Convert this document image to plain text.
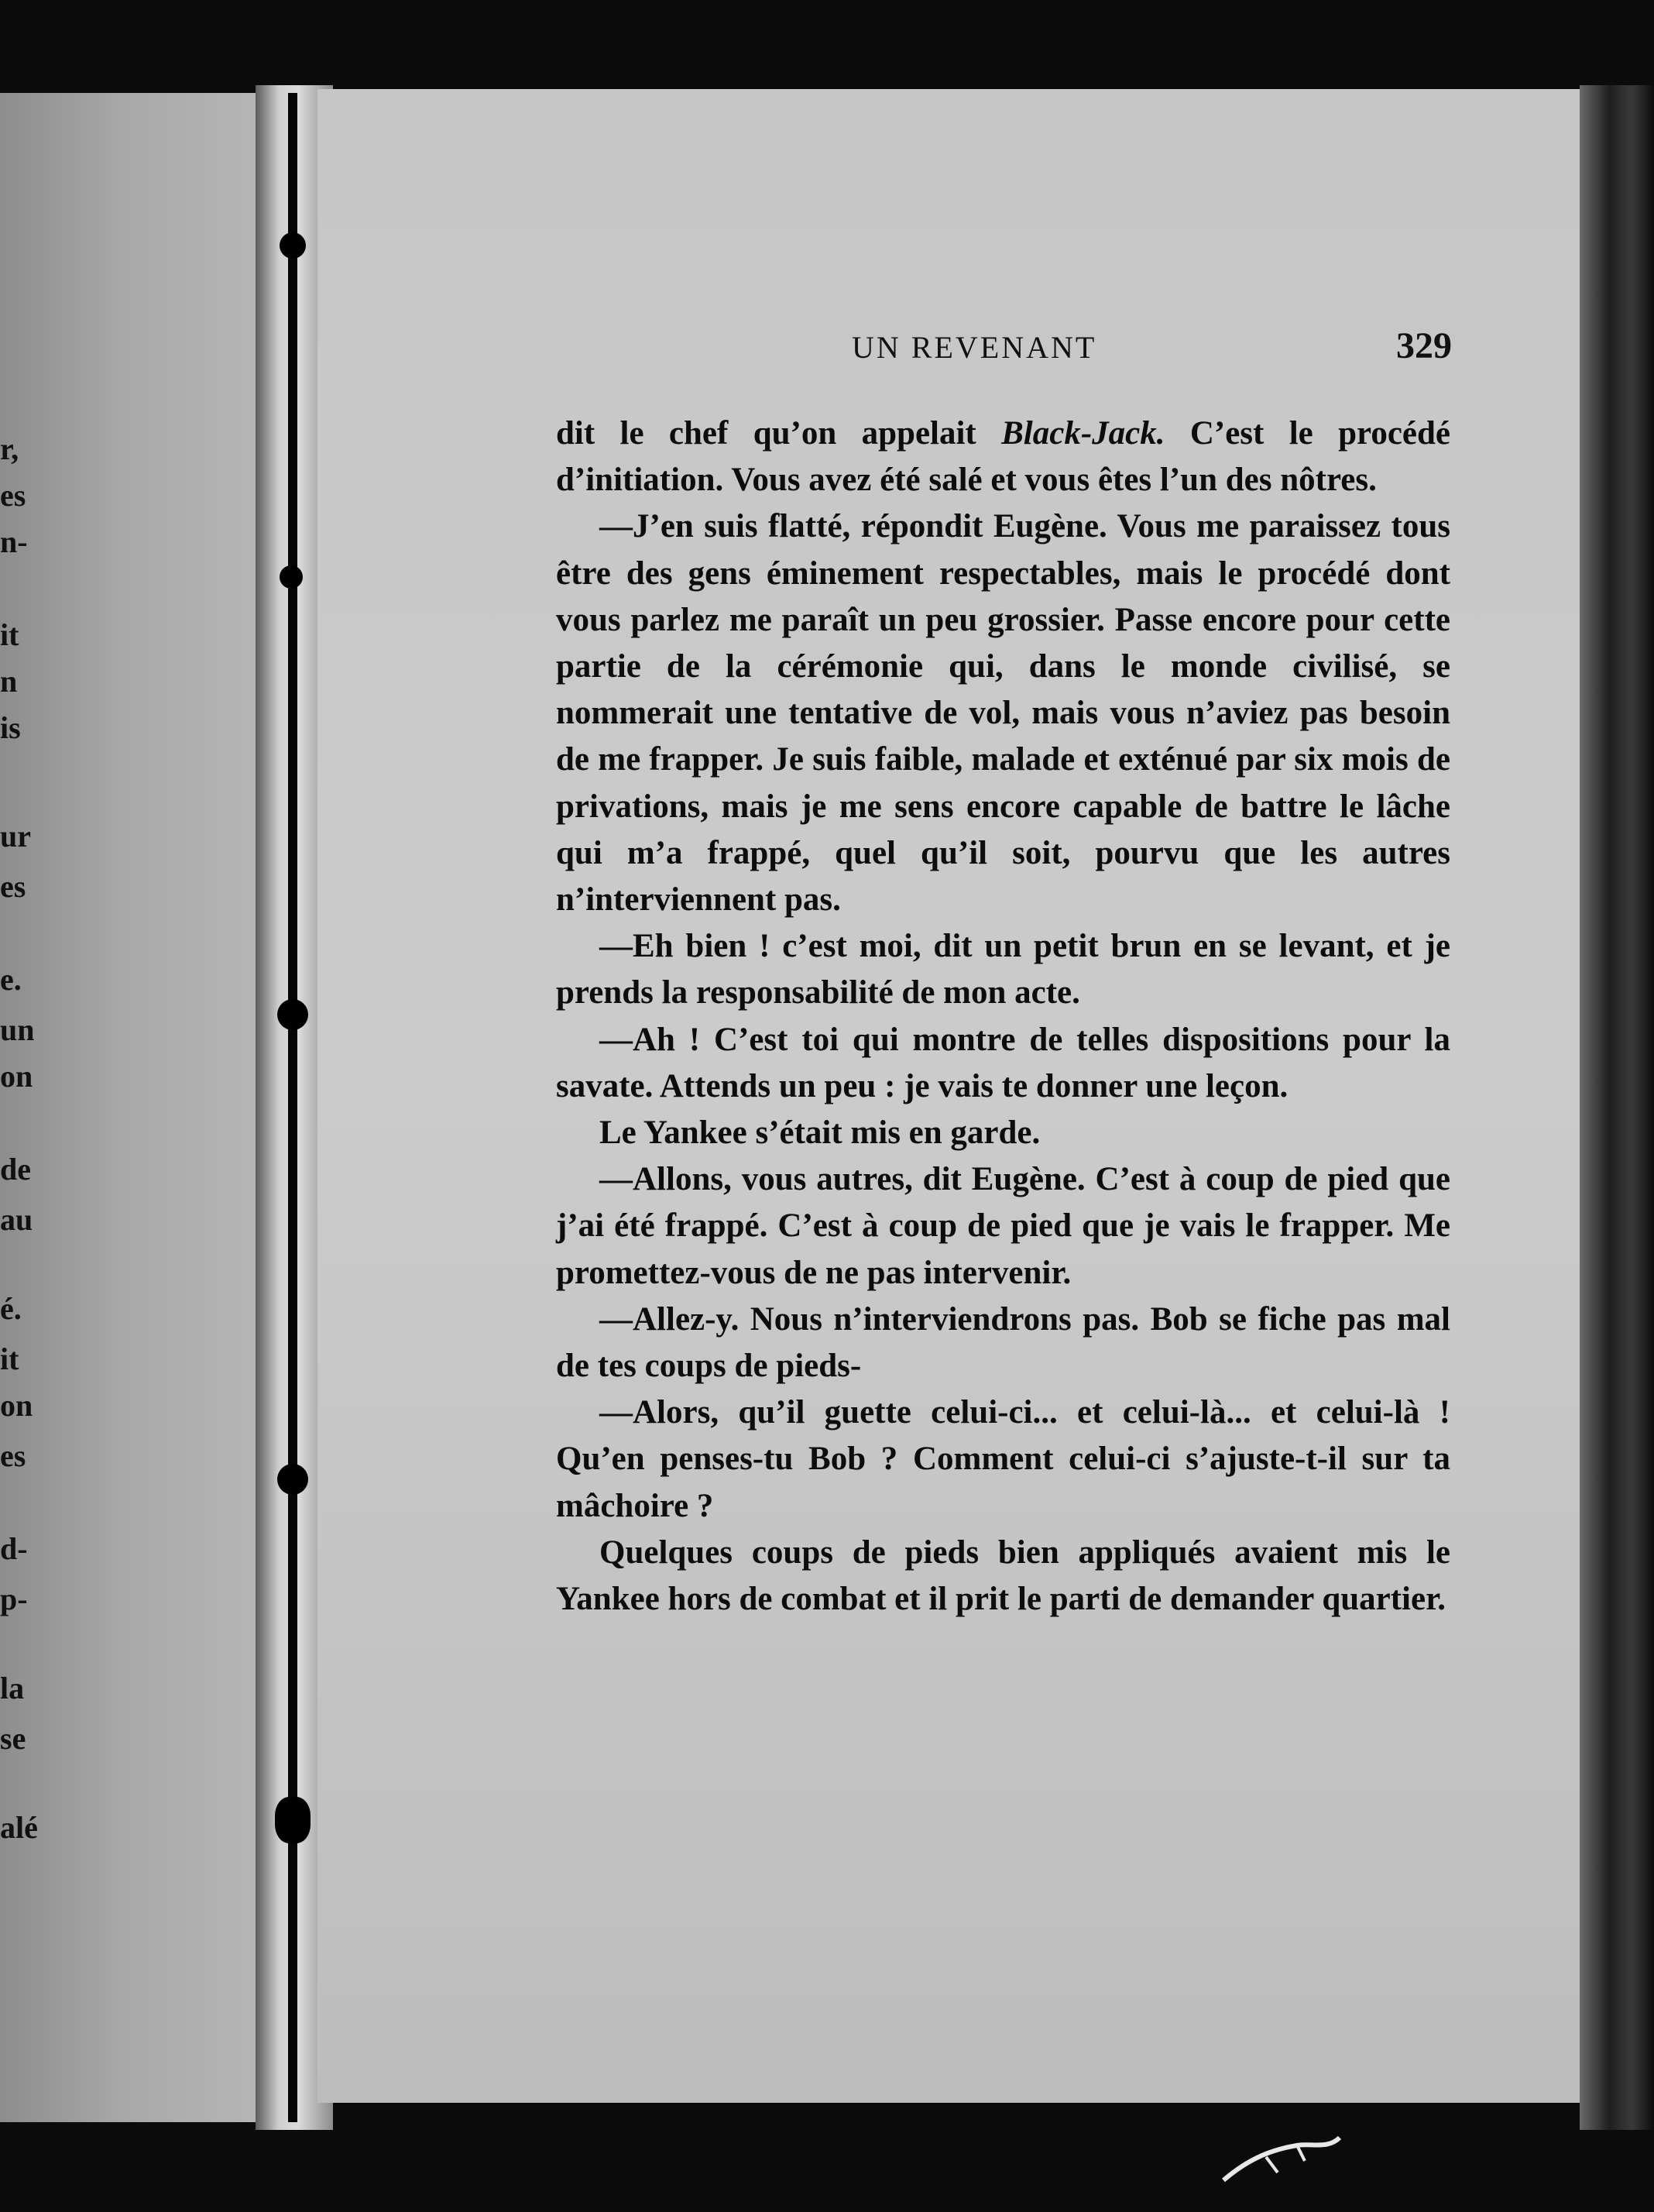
r,
es
n-
it
n
is
ur
es
e.
un
on
de
au
é.
it
on
es
d-
p-
la
se
alé
UN REVENANT	329

dit le chef qu’on appelait Black-Jack. C’est le procédé d’initiation. Vous avez été salé et vous êtes l’un des nôtres.

—J’en suis flatté, répondit Eugène. Vous me paraissez tous être des gens éminement respectables, mais le procédé dont vous parlez me paraît un peu grossier. Passe encore pour cette partie de la cérémonie qui, dans le monde civilisé, se nommerait une tentative de vol, mais vous n’aviez pas besoin de me frapper. Je suis faible, malade et exténué par six mois de privations, mais je me sens encore capable de battre le lâche qui m’a frappé, quel qu’il soit, pourvu que les autres n’interviennent pas.

—Eh bien ! c’est moi, dit un petit brun en se levant, et je prends la responsabilité de mon acte.

—Ah ! C’est toi qui montre de telles dispositions pour la savate. Attends un peu : je vais te donner une leçon.

Le Yankee s’était mis en garde.

—Allons, vous autres, dit Eugène. C’est à coup de pied que j’ai été frappé. C’est à coup de pied que je vais le frapper. Me promettez-vous de ne pas intervenir.

—Allez-y. Nous n’interviendrons pas. Bob se fiche pas mal de tes coups de pieds-

—Alors, qu’il guette celui-ci... et celui-là... et celui-là ! Qu’en penses-tu Bob ? Comment celui-ci s’ajuste-t-il sur ta mâchoire ?

Quelques coups de pieds bien appliqués avaient mis le Yankee hors de combat et il prit le parti de demander quartier.
